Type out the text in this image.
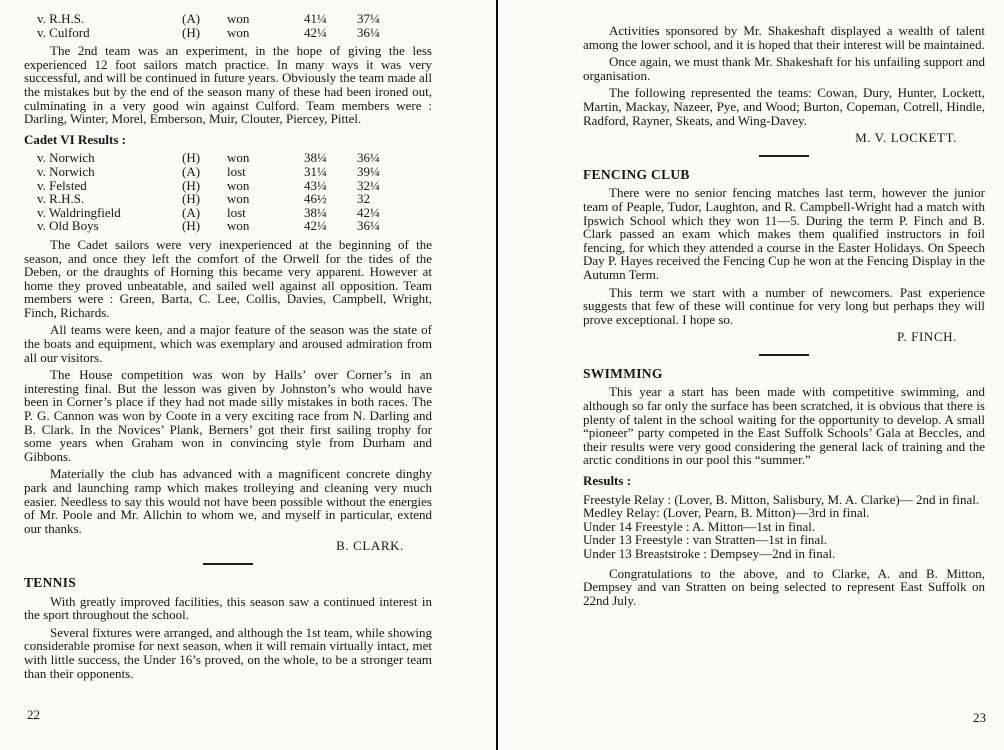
v. R.H.S.	(A)	won	41¼	37¼
v. Culford	(H)	won	42¼	36¼

The 2nd team was an experiment, in the hope of giving the less experienced 12 foot sailors match practice. In many ways it was very successful, and will be continued in future years. Obviously the team made all the mistakes but by the end of the season many of these had been ironed out, culminating in a very good win against Culford. Team members were : Darling, Winter, Morel, Emberson, Muir, Clouter, Piercey, Pittel.

Cadet VI Results :
v. Norwich	(H)	won	38¼	36¼
v. Norwich	(A)	lost	31¼	39¼
v. Felsted	(H)	won	43¼	32¼
v. R.H.S.	(H)	won	46½	32
v. Waldringfield	(A)	lost	38¼	42¼
v. Old Boys	(H)	won	42¼	36¼

The Cadet sailors were very inexperienced at the beginning of the season, and once they left the comfort of the Orwell for the tides of the Deben, or the draughts of Horning this became very apparent. However at home they proved unbeatable, and sailed well against all opposition. Team members were : Green, Barta, C. Lee, Collis, Davies, Campbell, Wright, Finch, Richards.

All teams were keen, and a major feature of the season was the state of the boats and equipment, which was exemplary and aroused admiration from all our visitors.

The House competition was won by Halls’ over Corner’s in an interesting final. But the lesson was given by Johnston’s who would have been in Corner’s place if they had not made silly mistakes in both races. The P. G. Cannon was won by Coote in a very exciting race from N. Darling and B. Clark. In the Novices’ Plank, Berners’ got their first sailing trophy for some years when Graham won in convincing style from Durham and Gibbons.

Materially the club has advanced with a magnificent concrete dinghy park and launching ramp which makes trolleying and cleaning very much easier. Needless to say this would not have been possible without the energies of Mr. Poole and Mr. Allchin to whom we, and myself in particular, extend our thanks.

B. CLARK.
TENNIS

With greatly improved facilities, this season saw a continued interest in the sport throughout the school.

Several fixtures were arranged, and although the 1st team, while showing considerable promise for next season, when it will remain virtually intact, met with little success, the Under 16’s proved, on the whole, to be a stronger team than their opponents.

Activities sponsored by Mr. Shakeshaft displayed a wealth of talent among the lower school, and it is hoped that their interest will be maintained.

Once again, we must thank Mr. Shakeshaft for his unfailing support and organisation.

The following represented the teams: Cowan, Dury, Hunter, Lockett, Martin, Mackay, Nazeer, Pye, and Wood; Burton, Copeman, Cotrell, Hindle, Radford, Rayner, Skeats, and Wing-Davey.

M. V. LOCKETT.
FENCING CLUB

There were no senior fencing matches last term, however the junior team of Peaple, Tudor, Laughton, and R. Campbell-Wright had a match with Ipswich School which they won 11—5. During the term P. Finch and B. Clark passed an exam which makes them qualified instructors in foil fencing, for which they attended a course in the Easter Holidays. On Speech Day P. Hayes received the Fencing Cup he won at the Fencing Display in the Autumn Term.

This term we start with a number of newcomers. Past experience suggests that few of these will continue for very long but perhaps they will prove exceptional. I hope so.

P. FINCH.
SWIMMING

This year a start has been made with competitive swimming, and although so far only the surface has been scratched, it is obvious that there is plenty of talent in the school waiting for the opportunity to develop. A small “pioneer” party competed in the East Suffolk Schools’ Gala at Beccles, and their results were very good considering the general lack of training and the arctic conditions in our pool this “summer.”

Results :
Freestyle Relay : (Lover, B. Mitton, Salisbury, M. A. Clarke)— 2nd in final.
Medley Relay: (Lover, Pearn, B. Mitton)—3rd in final.
Under 14 Freestyle : A. Mitton—1st in final.
Under 13 Freestyle : van Stratten—1st in final.
Under 13 Breaststroke : Dempsey—2nd in final.

Congratulations to the above, and to Clarke, A. and B. Mitton, Dempsey and van Stratten on being selected to represent East Suffolk on 22nd July.

22	23
